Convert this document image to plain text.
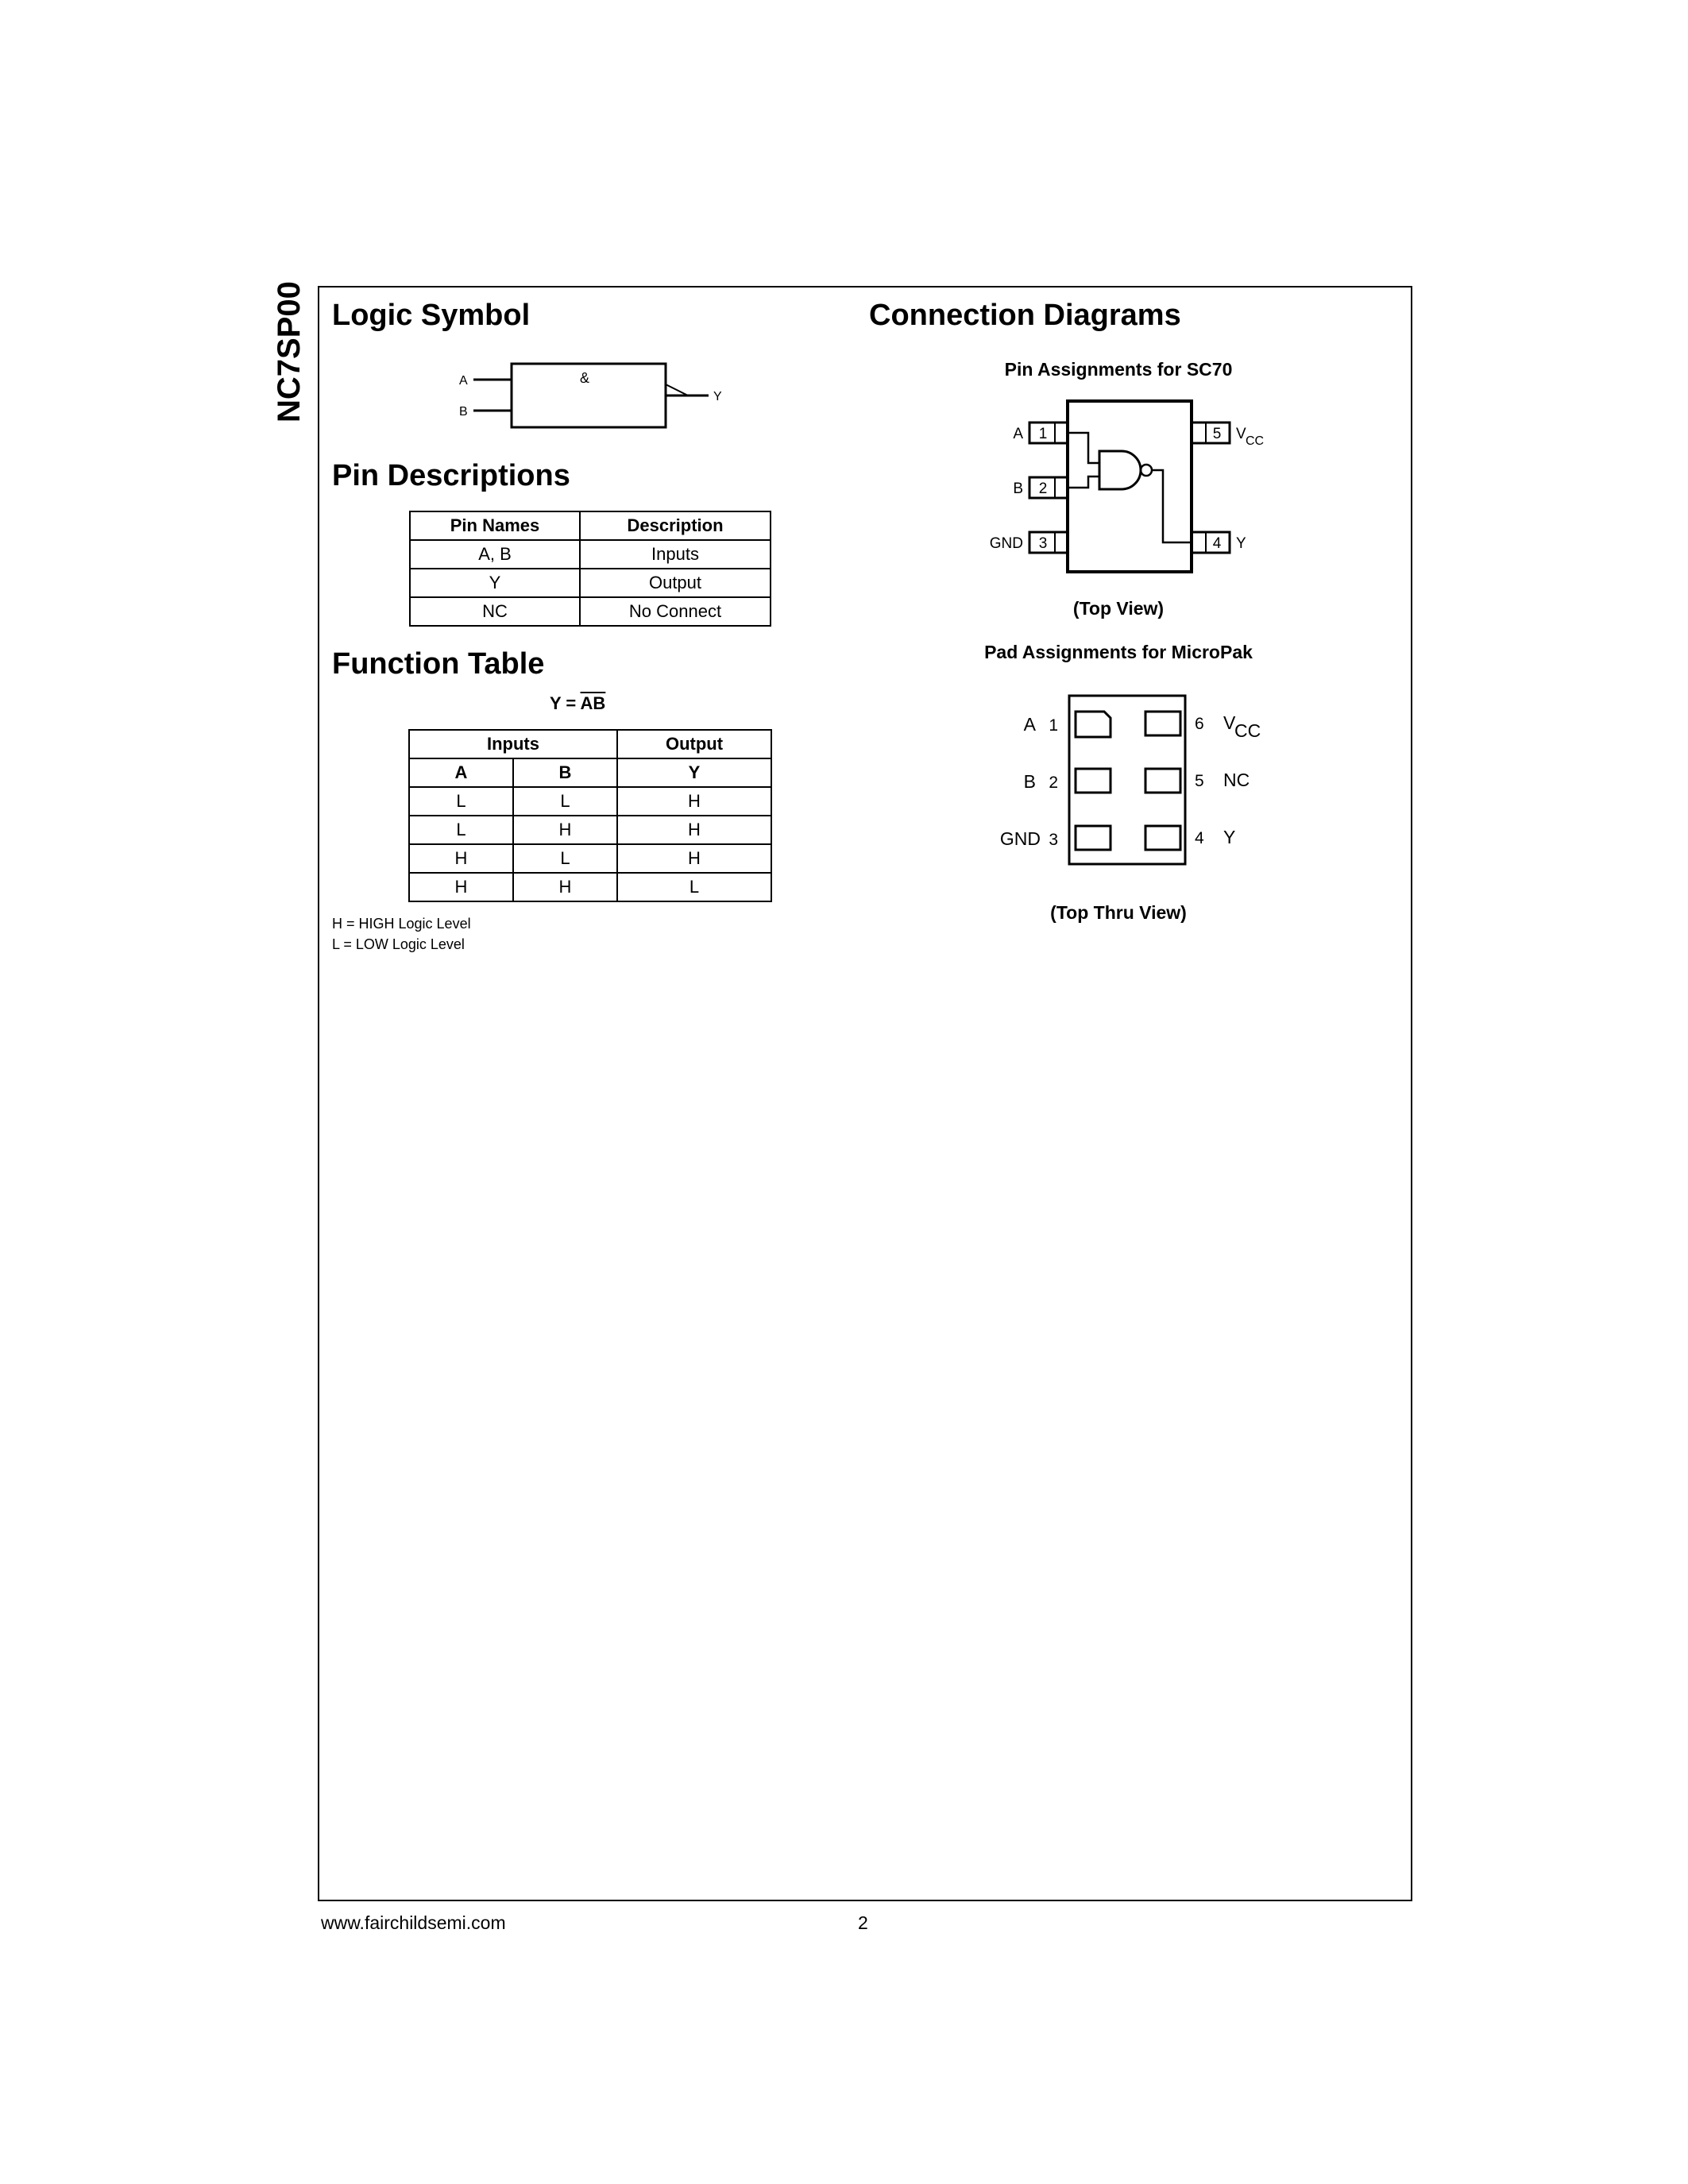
NC7SP00 Logic Symbol
&
A
B
Y
Pin Descriptions
Pin Names	Description
A, B	Inputs
Y	Output
NC	No Connect
Function Table
$Y = \overline{AB}$
Inputs		Output
A	B	Y
L	L	H
L	H	H
H	L	H
H	H	L
H = HIGH Logic Level
L = LOW Logic Level
Connection Diagrams
Pin Assignments for SC70
1
2
3
5
4
A
B
GND
V CC
Y
(Top View)
Pad Assignments for MicroPak
A 1
B 2
GND 3
6 V
CC
5 NC
4 Y
(Top Thru View)
www.fairchildsemi.com	2
